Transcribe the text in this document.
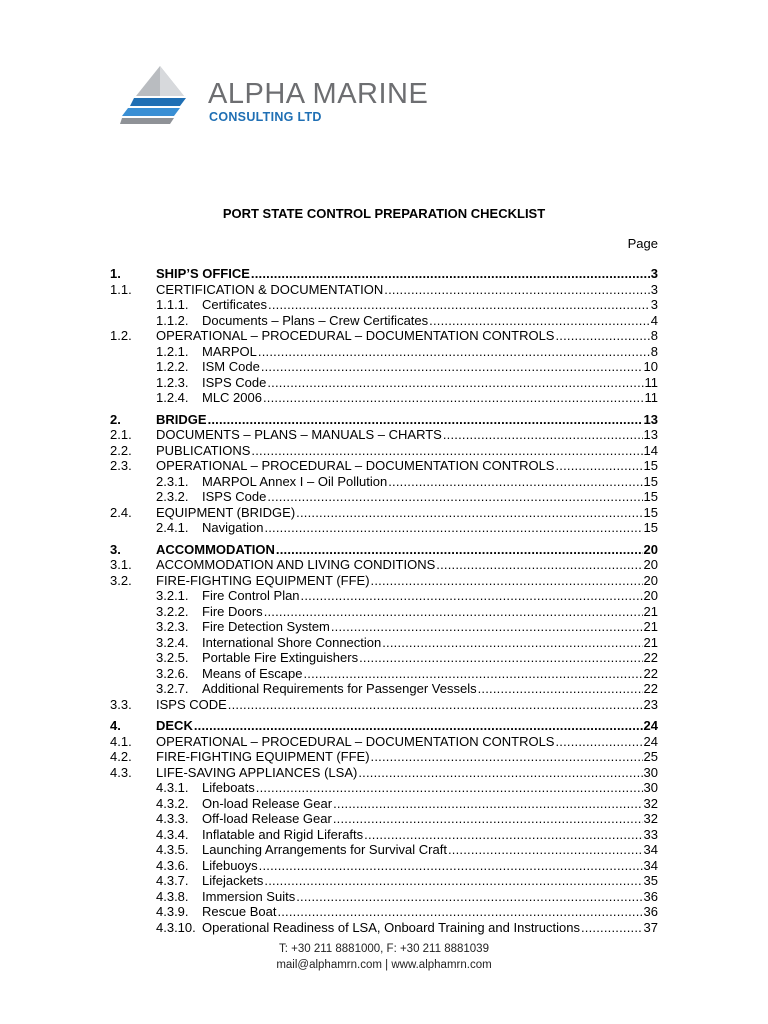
ALPHA MARINE
CONSULTING LTD
PORT STATE CONTROL PREPARATION CHECKLIST
Page
1.	SHIP’S OFFICE .....	3
1.1.	CERTIFICATION & DOCUMENTATION .....	3
1.1.1.	Certificates .....	3
1.1.2.	Documents – Plans – Crew Certificates .....	4
1.2.	OPERATIONAL – PROCEDURAL – DOCUMENTATION CONTROLS .....	8
1.2.1.	MARPOL .....	8
1.2.2.	ISM Code .....	10
1.2.3.	ISPS Code .....	11
1.2.4.	MLC 2006 .....	11
2.	BRIDGE .....	13
2.1.	DOCUMENTS – PLANS – MANUALS – CHARTS .....	13
2.2.	PUBLICATIONS .....	14
2.3.	OPERATIONAL – PROCEDURAL – DOCUMENTATION CONTROLS .....	15
2.3.1.	MARPOL Annex I – Oil Pollution .....	15
2.3.2.	ISPS Code .....	15
2.4.	EQUIPMENT (BRIDGE) .....	15
2.4.1.	Navigation .....	15
3.	ACCOMMODATION .....	20
3.1.	ACCOMMODATION AND LIVING CONDITIONS .....	20
3.2.	FIRE-FIGHTING EQUIPMENT (FFE) .....	20
3.2.1.	Fire Control Plan .....	20
3.2.2.	Fire Doors .....	21
3.2.3.	Fire Detection System .....	21
3.2.4.	International Shore Connection .....	21
3.2.5.	Portable Fire Extinguishers .....	22
3.2.6.	Means of Escape .....	22
3.2.7.	Additional Requirements for Passenger Vessels .....	22
3.3.	ISPS CODE .....	23
4.	DECK .....	24
4.1.	OPERATIONAL – PROCEDURAL – DOCUMENTATION CONTROLS .....	24
4.2.	FIRE-FIGHTING EQUIPMENT (FFE) .....	25
4.3.	LIFE-SAVING APPLIANCES (LSA) .....	30
4.3.1.	Lifeboats .....	30
4.3.2.	On-load Release Gear .....	32
4.3.3.	Off-load Release Gear .....	32
4.3.4.	Inflatable and Rigid Liferafts .....	33
4.3.5.	Launching Arrangements for Survival Craft .....	34
4.3.6.	Lifebuoys .....	34
4.3.7.	Lifejackets .....	35
4.3.8.	Immersion Suits .....	36
4.3.9.	Rescue Boat .....	36
4.3.10. Operational Readiness of LSA, Onboard Training and Instructions .....	37
T: +30 211 8881000, F: +30 211 8881039
mail@alphamrn.com | www.alphamrn.com
